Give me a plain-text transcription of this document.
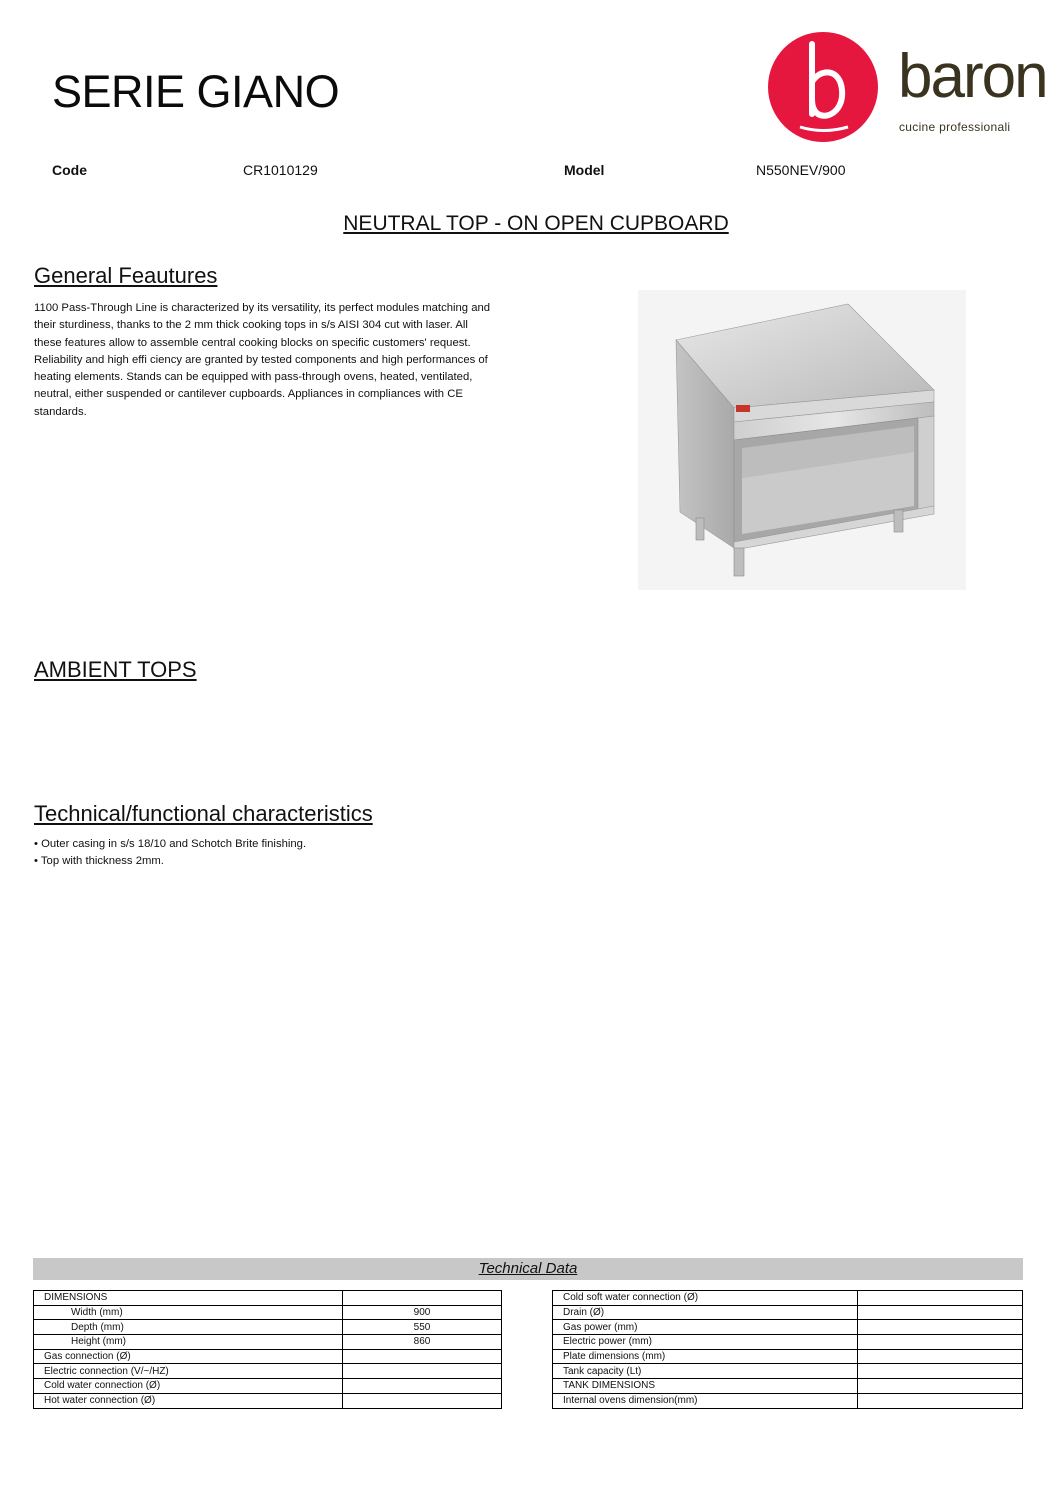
SERIE GIANO	baron
cucine professionali
Code	CR1010129	Model	N550NEV/900
NEUTRAL TOP - ON OPEN CUPBOARD
General Feautures
1100 Pass-Through Line is characterized by its versatility, its perfect modules matching and
their sturdiness, thanks to the 2 mm thick cooking tops in s/s AISI 304 cut with laser. All
these features allow to assemble central cooking blocks on specific customers' request.
Reliability and high effi ciency are granted by tested components and high performances of
heating elements. Stands can be equipped with pass-through ovens, heated, ventilated,
neutral, either suspended or cantilever cupboards. Appliances in compliances with CE
standards.
AMBIENT TOPS
Technical/functional characteristics
• Outer casing in s/s 18/10 and Schotch Brite finishing.
• Top with thickness 2mm.
Technical Data
DIMENSIONS	
Width (mm)	900
Depth (mm)	550
Height (mm)	860
Gas connection (Ø)	
Electric connection (V/~/HZ)	
Cold water connection (Ø)	
Hot water connection (Ø)	
Cold soft water connection (Ø)	
Drain (Ø)	
Gas power (mm)	
Electric power (mm)	
Plate dimensions (mm)	
Tank capacity (Lt)	
TANK DIMENSIONS	
Internal ovens dimension(mm)	
